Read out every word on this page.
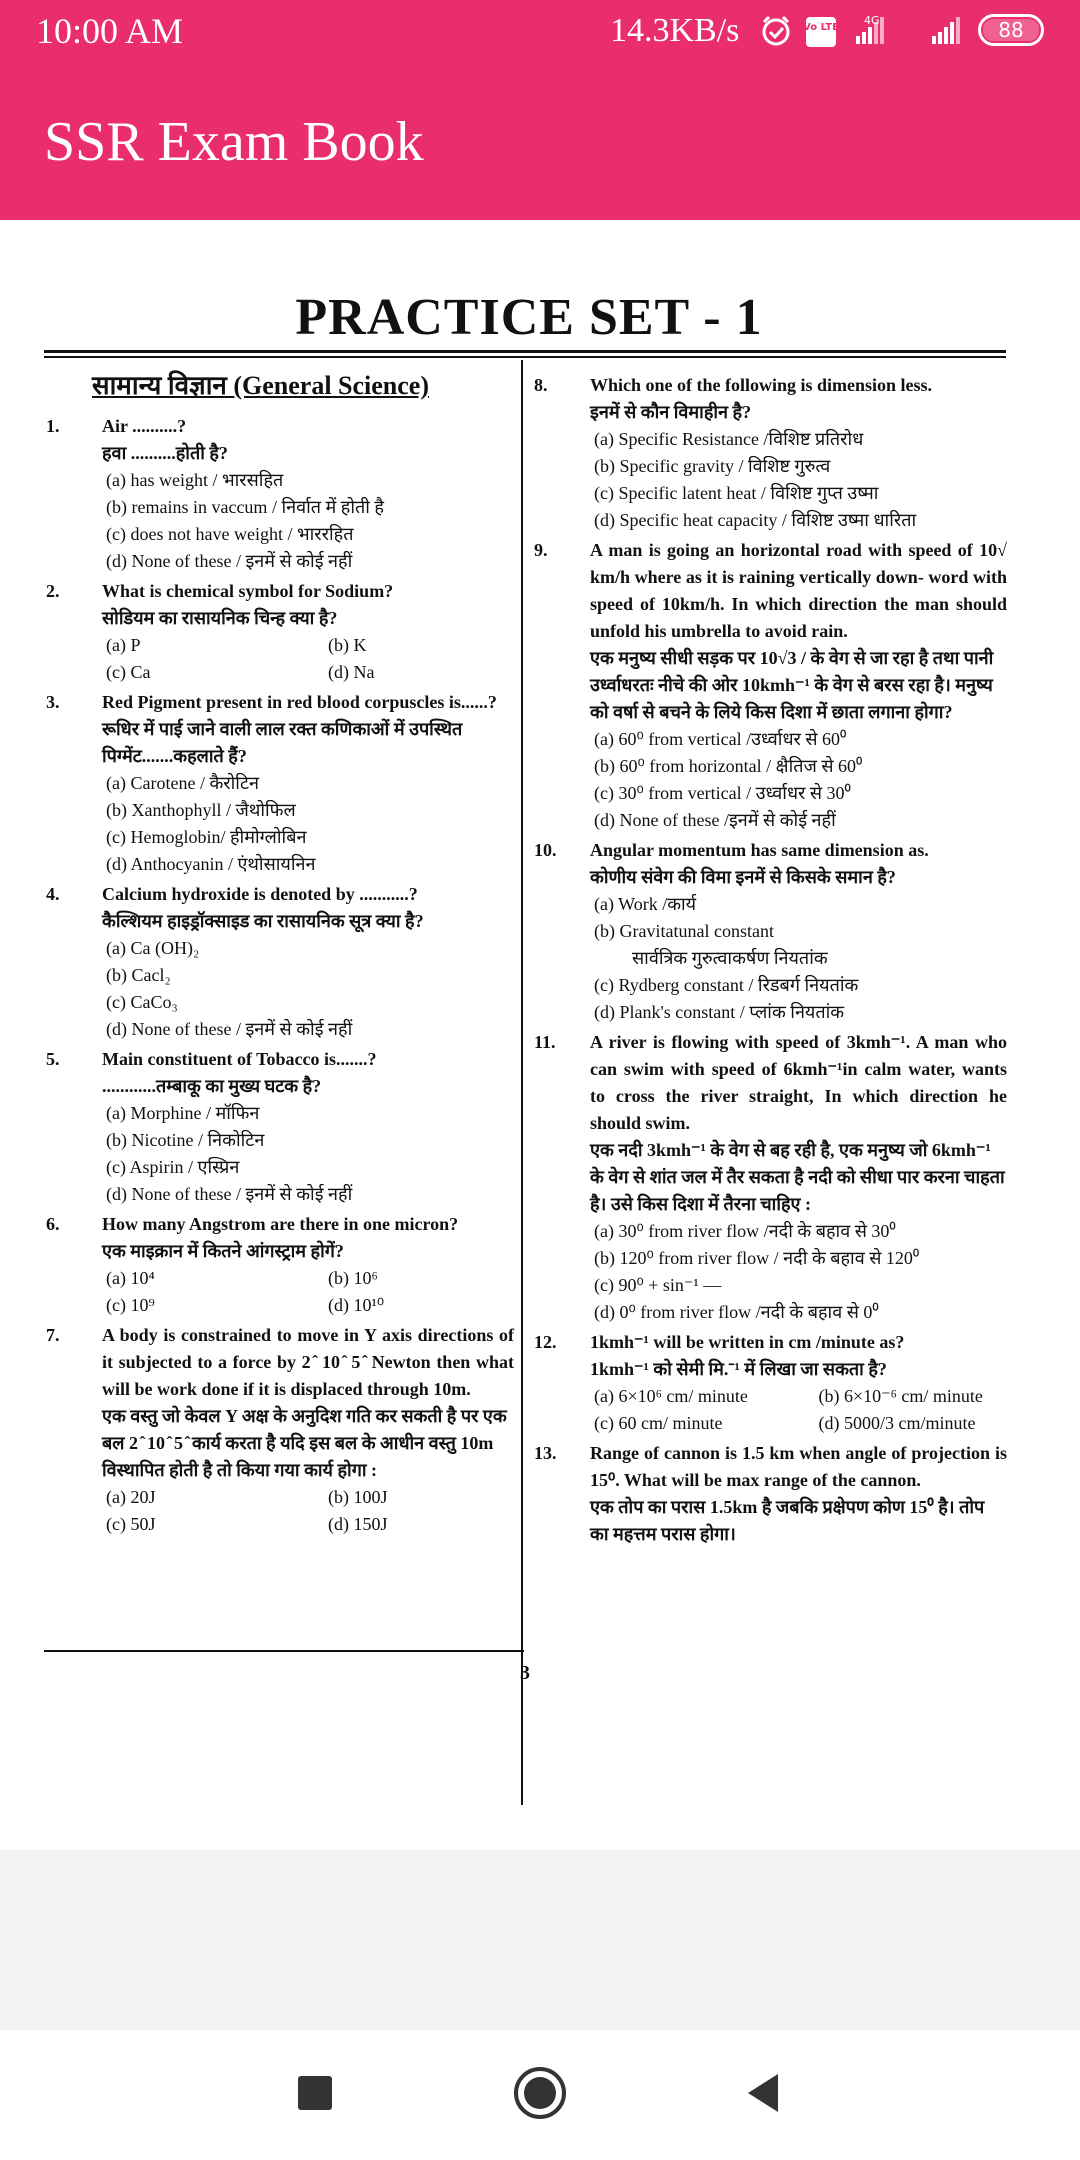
10:00 AM	14.3KB/s	Vo LTE
4G	88
SSR Exam Book
PRACTICE SET - 1
सामान्य विज्ञान (General Science)
1. Air ..........?
हवा ..........होती है?
(a) has weight / भारसहित
(b) remains in vaccum / निर्वात में होती है
(c) does not have weight / भाररहित
(d) None of these / इनमें से कोई नहीं
2. What is chemical symbol for Sodium?
सोडियम का रासायनिक चिन्ह क्या है?
(a) P	(b) K
(c) Ca	(d) Na
3. Red Pigment present in red blood corpuscles is......?
रूधिर में पाई जाने वाली लाल रक्त कणिकाओं में उपस्थित पिग्मेंट.......कहलाते हैं?
(a) Carotene / कैरोटिन
(b) Xanthophyll / जैथोफिल
(c) Hemoglobin/ हीमोग्लोबिन
(d) Anthocyanin / एंथोसायनिन
4. Calcium hydroxide is denoted by ...........?
कैल्शियम हाइड्रॉक्साइड का रासायनिक सूत्र क्या है?
(a) Ca (OH)₂
(b) Cacl₂
(c) CaCo₃
(d) None of these / इनमें से कोई नहीं
5. Main constituent of Tobacco is.......?
............तम्बाकू का मुख्य घटक है?
(a) Morphine / मॉफिन
(b) Nicotine / निकोटिन
(c) Aspirin / एस्प्रिन
(d) None of these / इनमें से कोई नहीं
6. How many Angstrom are there in one micron?
एक माइक्रान में कितने आंगस्ट्राम होगें?
(a) 10⁴	(b) 10⁶
(c) 10⁹	(d) 10¹⁰
7. A body is constrained to move in Y axis directions of it subjected to a force by 2 ̂ 10 ̂ 5 ̂ Newton then what will be work done if it is displaced through 10m.
एक वस्तु जो केवल Y अक्ष के अनुदिश गति कर सकती है पर एक बल 2 ̂ 10 ̂ 5 ̂ कार्य करता है यदि इस बल के आधीन वस्तु 10m विस्थापित होती है तो किया गया कार्य होगा :
(a) 20J	(b) 100J
(c) 50J	(d) 150J
8. Which one of the following is dimension less.
इनमें से कौन विमाहीन है?
(a) Specific Resistance /विशिष्ट प्रतिरोध
(b) Specific gravity / विशिष्ट गुरुत्व
(c) Specific latent heat / विशिष्ट गुप्त उष्मा
(d) Specific heat capacity / विशिष्ट उष्मा धारिता
9. A man is going an horizontal road with speed of 10√ km/h where as it is raining vertically down- word with speed of 10km/h. In which direction the man should unfold his umbrella to avoid rain.
एक मनुष्य सीधी सड़क पर 10√3 / के वेग से जा रहा है तथा पानी उर्ध्वाधरतः नीचे की ओर 10kmh⁻¹ के वेग से बरस रहा है। मनुष्य को वर्षा से बचने के लिये किस दिशा में छाता लगाना होगा?
(a) 60⁰ from vertical /उर्ध्वाधर से 60⁰
(b) 60⁰ from horizontal / क्षैतिज से 60⁰
(c) 30⁰ from vertical / उर्ध्वाधर से 30⁰
(d) None of these /इनमें से कोई नहीं
10. Angular momentum has same dimension as.
कोणीय संवेग की विमा इनमें से किसके समान है?
(a) Work /कार्य
(b) Gravitatunal constant
सार्वत्रिक गुरुत्वाकर्षण नियतांक
(c) Rydberg constant / रिडबर्ग नियतांक
(d) Plank's constant / प्लांक नियतांक
11. A river is flowing with speed of 3kmh⁻¹. A man who can swim with speed of 6kmh⁻¹in calm water, wants to cross the river straight, In which direction he should swim.
एक नदी 3kmh⁻¹ के वेग से बह रही है, एक मनुष्य जो 6kmh⁻¹ के वेग से शांत जल में तैर सकता है नदी को सीधा पार करना चाहता है। उसे किस दिशा में तैरना चाहिए :
(a) 30⁰ from river flow /नदी के बहाव से 30⁰
(b) 120⁰ from river flow / नदी के बहाव से 120⁰
(c) 90⁰ + sin⁻¹ —
(d) 0⁰ from river flow /नदी के बहाव से 0⁰
12. 1kmh⁻¹ will be written in cm /minute as?
1kmh⁻¹ को सेमी मि.⁻¹ में लिखा जा सकता है?
(a) 6×10⁶ cm/ minute	(b) 6×10⁻⁶ cm/ minute
(c) 60 cm/ minute	(d) 5000/3 cm/minute
13. Range of cannon is 1.5 km when angle of projection is 15⁰. What will be max range of the cannon.
एक तोप का परास 1.5km है जबकि प्रक्षेपण कोण 15⁰ है। तोप का महत्तम परास होगा।
3
